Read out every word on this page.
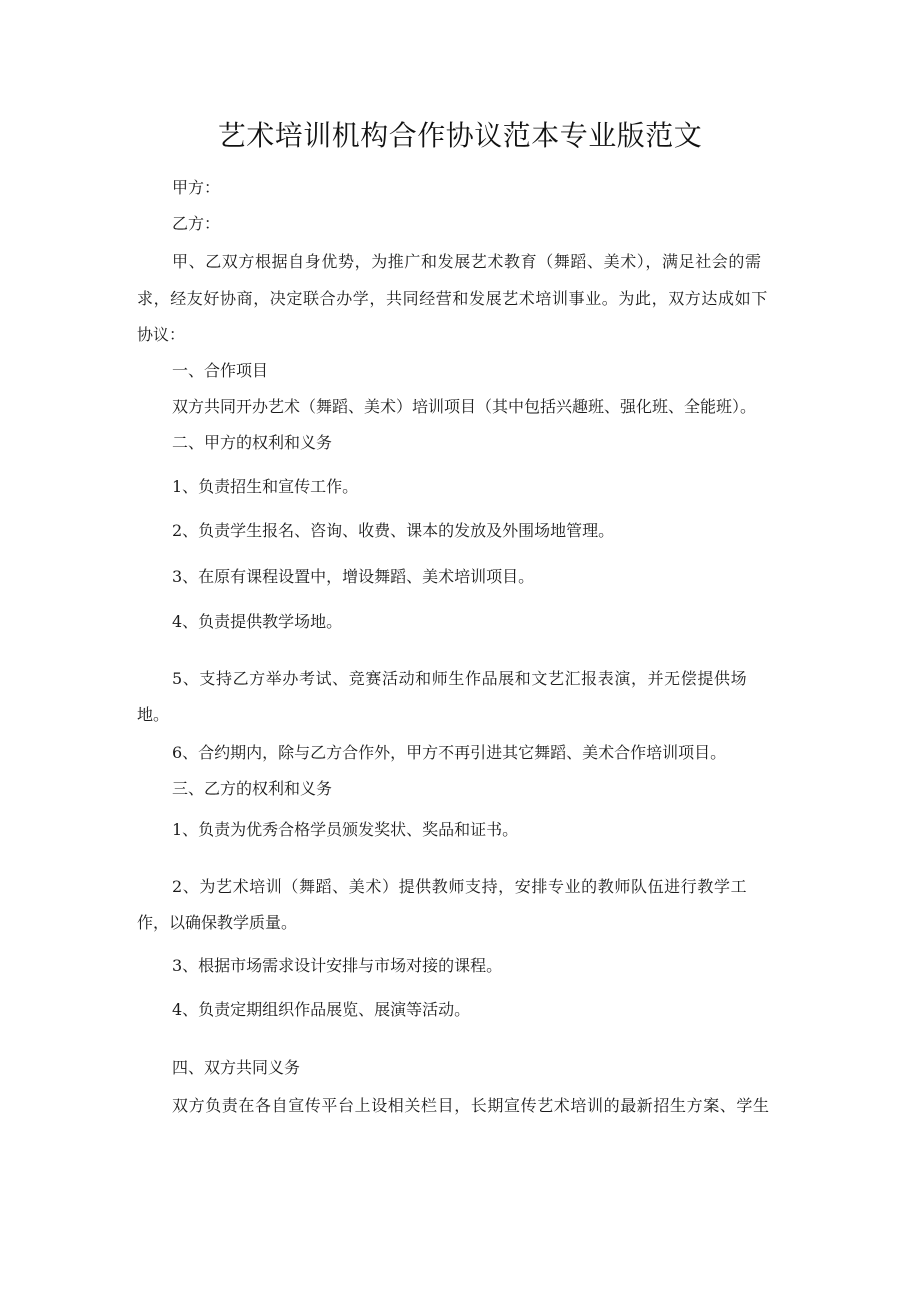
艺术培训机构合作协议范本专业版范文
甲方：
乙方：
甲、乙双方根据自身优势，为推广和发展艺术教育（舞蹈、美术），满足社会的需
求，经友好协商，决定联合办学，共同经营和发展艺术培训事业。为此，双方达成如下
协议：
一、合作项目
双方共同开办艺术（舞蹈、美术）培训项目（其中包括兴趣班、强化班、全能班）。
二、甲方的权利和义务
1、负责招生和宣传工作。
2、负责学生报名、咨询、收费、课本的发放及外围场地管理。
3、在原有课程设置中，增设舞蹈、美术培训项目。
4、负责提供教学场地。
5、支持乙方举办考试、竞赛活动和师生作品展和文艺汇报表演，并无偿提供场
地。
6、合约期内，除与乙方合作外，甲方不再引进其它舞蹈、美术合作培训项目。
三、乙方的权利和义务
1、负责为优秀合格学员颁发奖状、奖品和证书。
2、为艺术培训（舞蹈、美术）提供教师支持，安排专业的教师队伍进行教学工
作，以确保教学质量。
3、根据市场需求设计安排与市场对接的课程。
4、负责定期组织作品展览、展演等活动。
四、双方共同义务
双方负责在各自宣传平台上设相关栏目，长期宣传艺术培训的最新招生方案、学生
